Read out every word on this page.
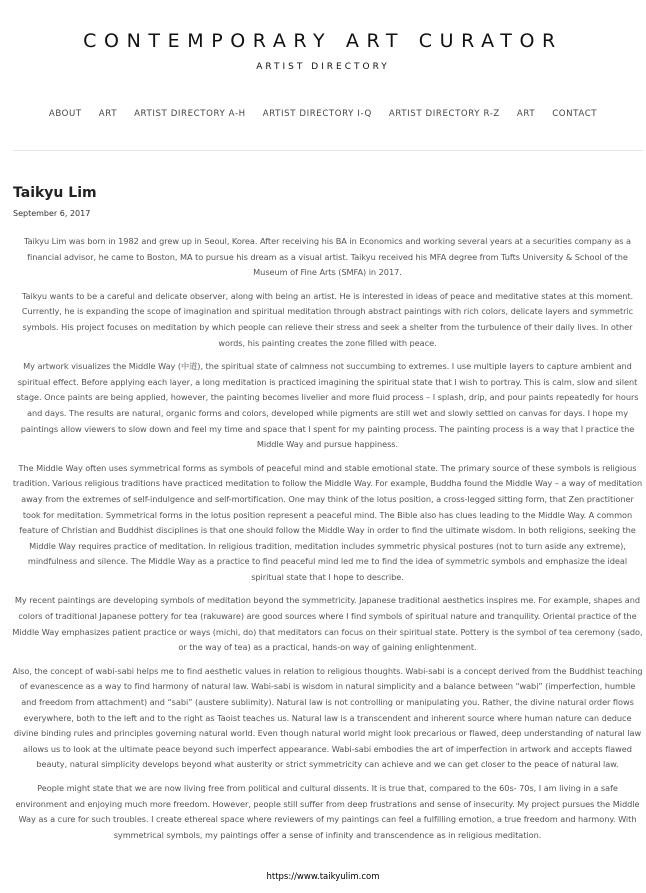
CONTEMPORARY ART CURATOR
ARTIST DIRECTORY
ABOUT ART ARTIST DIRECTORY A-H ARTIST DIRECTORY I-Q ARTIST DIRECTORY R-Z ART CONTACT
Taikyu Lim
September 6, 2017

Taikyu Lim was born in 1982 and grew up in Seoul, Korea. After receiving his BA in Economics and working several years at a securities company as a financial advisor, he came to Boston, MA to pursue his dream as a visual artist. Taikyu received his MFA degree from Tufts University & School of the Museum of Fine Arts (SMFA) in 2017.

Taikyu wants to be a careful and delicate observer, along with being an artist. He is interested in ideas of peace and meditative states at this moment. Currently, he is expanding the scope of imagination and spiritual meditation through abstract paintings with rich colors, delicate layers and symmetric symbols. His project focuses on meditation by which people can relieve their stress and seek a shelter from the turbulence of their daily lives. In other words, his painting creates the zone filled with peace.

My artwork visualizes the Middle Way (中道), the spiritual state of calmness not succumbing to extremes. I use multiple layers to capture ambient and spiritual effect. Before applying each layer, a long meditation is practiced imagining the spiritual state that I wish to portray. This is calm, slow and silent stage. Once paints are being applied, however, the painting becomes livelier and more fluid process – I splash, drip, and pour paints repeatedly for hours and days. The results are natural, organic forms and colors, developed while pigments are still wet and slowly settled on canvas for days. I hope my paintings allow viewers to slow down and feel my time and space that I spent for my painting process. The painting process is a way that I practice the Middle Way and pursue happiness.

The Middle Way often uses symmetrical forms as symbols of peaceful mind and stable emotional state. The primary source of these symbols is religious tradition. Various religious traditions have practiced meditation to follow the Middle Way. For example, Buddha found the Middle Way – a way of meditation away from the extremes of self-indulgence and self-mortification. One may think of the lotus position, a cross-legged sitting form, that Zen practitioner took for meditation. Symmetrical forms in the lotus position represent a peaceful mind. The Bible also has clues leading to the Middle Way. A common feature of Christian and Buddhist disciplines is that one should follow the Middle Way in order to find the ultimate wisdom. In both religions, seeking the Middle Way requires practice of meditation. In religious tradition, meditation includes symmetric physical postures (not to turn aside any extreme), mindfulness and silence. The Middle Way as a practice to find peaceful mind led me to find the idea of symmetric symbols and emphasize the ideal spiritual state that I hope to describe.

My recent paintings are developing symbols of meditation beyond the symmetricity. Japanese traditional aesthetics inspires me. For example, shapes and colors of traditional Japanese pottery for tea (rakuware) are good sources where I find symbols of spiritual nature and tranquility. Oriental practice of the Middle Way emphasizes patient practice or ways (michi, do) that meditators can focus on their spiritual state. Pottery is the symbol of tea ceremony (sado, or the way of tea) as a practical, hands-on way of gaining enlightenment.

Also, the concept of wabi-sabi helps me to find aesthetic values in relation to religious thoughts. Wabi-sabi is a concept derived from the Buddhist teaching of evanescence as a way to find harmony of natural law. Wabi-sabi is wisdom in natural simplicity and a balance between “wabi” (imperfection, humble and freedom from attachment) and “sabi” (austere sublimity). Natural law is not controlling or manipulating you. Rather, the divine natural order flows everywhere, both to the left and to the right as Taoist teaches us. Natural law is a transcendent and inherent source where human nature can deduce divine binding rules and principles governing natural world. Even though natural world might look precarious or flawed, deep understanding of natural law allows us to look at the ultimate peace beyond such imperfect appearance. Wabi-sabi embodies the art of imperfection in artwork and accepts flawed beauty, natural simplicity develops beyond what austerity or strict symmetricity can achieve and we can get closer to the peace of natural law.

People might state that we are now living free from political and cultural dissents. It is true that, compared to the 60s- 70s, I am living in a safe environment and enjoying much more freedom. However, people still suffer from deep frustrations and sense of insecurity. My project pursues the Middle Way as a cure for such troubles. I create ethereal space where reviewers of my paintings can feel a fulfilling emotion, a true freedom and harmony. With symmetrical symbols, my paintings offer a sense of infinity and transcendence as in religious meditation.

https://www.taikyulim.com
